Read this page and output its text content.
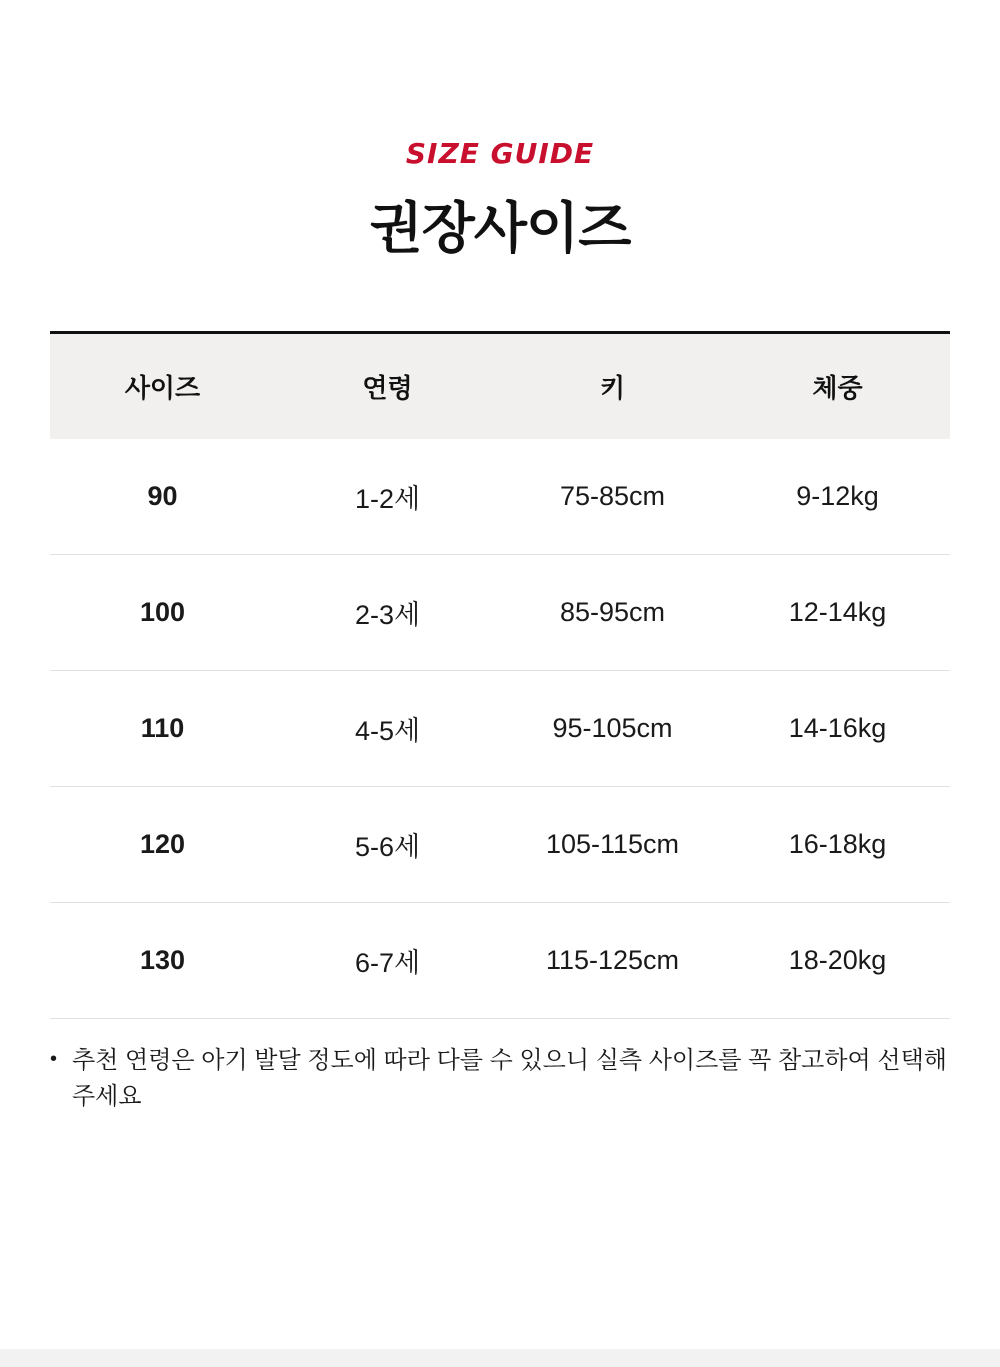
SIZE GUIDE
권장사이즈
사이즈	연령	키	체중
90	1-2세	75-85cm	9-12kg
100	2-3세	85-95cm	12-14kg
110	4-5세	95-105cm	14-16kg
120	5-6세	105-115cm	16-18kg
130	6-7세	115-125cm	18-20kg
• 추천 연령은 아기 발달 정도에 따라 다를 수 있으니 실측 사이즈를 꼭 참고하여 선택해 주세요
